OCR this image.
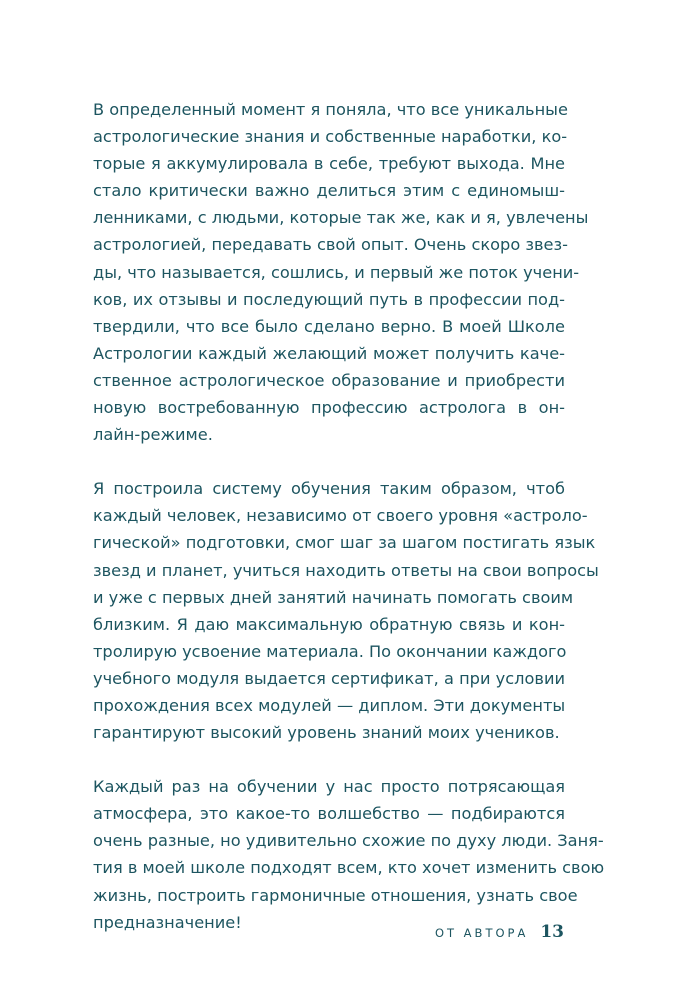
В определенный момент я поняла, что все уникальные
астрологические знания и собственные наработки, ко-
торые я аккумулировала в себе, требуют выхода. Мне
стало критически важно делиться этим с единомыш-
ленниками, с людьми, которые так же, как и я, увлечены
астрологией, передавать свой опыт. Очень скоро звез-
ды, что называется, сошлись, и первый же поток учени-
ков, их отзывы и последующий путь в профессии под-
твердили, что все было сделано верно. В моей Школе
Астрологии каждый желающий может получить каче-
ственное астрологическое образование и приобрести
новую востребованную профессию астролога в он-
лайн-режиме.

Я построила систему обучения таким образом, чтоб
каждый человек, независимо от своего уровня «астроло-
гической» подготовки, смог шаг за шагом постигать язык
звезд и планет, учиться находить ответы на свои вопросы
и уже с первых дней занятий начинать помогать своим
близким. Я даю максимальную обратную связь и кон-
тролирую усвоение материала. По окончании каждого
учебного модуля выдается сертификат, а при условии
прохождения всех модулей — диплом. Эти документы
гарантируют высокий уровень знаний моих учеников.

Каждый раз на обучении у нас просто потрясающая
атмосфера, это какое-то волшебство — подбираются
очень разные, но удивительно схожие по духу люди. Заня-
тия в моей школе подходят всем, кто хочет изменить свою
жизнь, построить гармоничные отношения, узнать свое
предназначение!

ОТ АВТОРА 13
